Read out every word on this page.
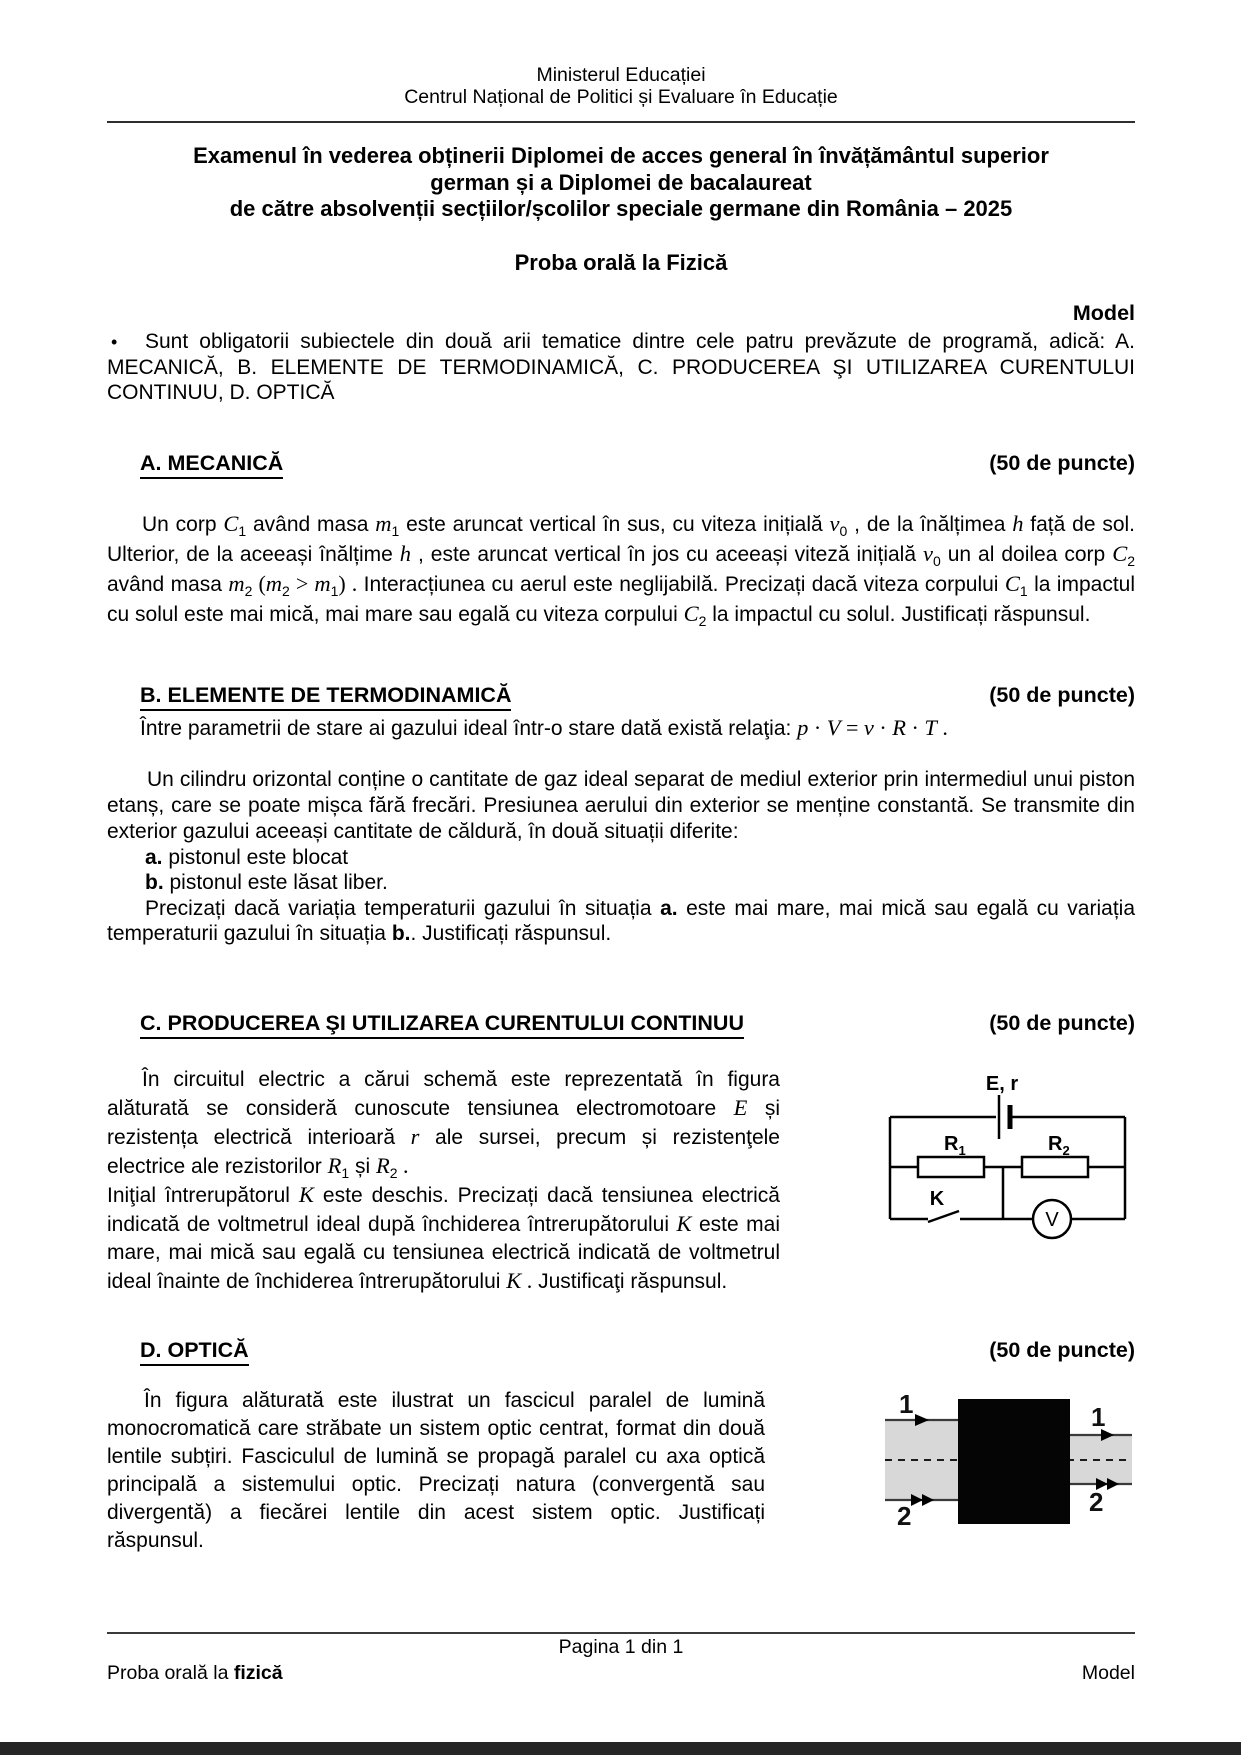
Ministerul Educației
Centrul Național de Politici și Evaluare în Educație
Examenul în vederea obținerii Diplomei de acces general în învățământul superior
german și a Diplomei de bacalaureat
de către absolvenții secțiilor/școlilor speciale germane din România – 2025
Proba orală la Fizică
Model

• Sunt obligatorii subiectele din două arii tematice dintre cele patru prevăzute de programă, adică: A. MECANICĂ, B. ELEMENTE DE TERMODINAMICĂ, C. PRODUCEREA ŞI UTILIZAREA CURENTULUI CONTINUU, D. OPTICĂ

A. MECANICĂ	(50 de puncte)

Un corp $C_1$ având masa $m_1$ este aruncat vertical în sus, cu viteza inițială $v_0$ , de la înălțimea h față de sol. Ulterior, de la aceeași înălțime h , este aruncat vertical în jos cu aceeași viteză inițială $v_0$ un al doilea corp $C_2$ având masa $m_2$ $(m_2 > m_1)$ . Interacțiunea cu aerul este neglijabilă. Precizați dacă viteza corpului $C_1$ la impactul cu solul este mai mică, mai mare sau egală cu viteza corpului $C_2$ la impactul cu solul. Justificați răspunsul.

B. ELEMENTE DE TERMODINAMICĂ	(50 de puncte)

Între parametrii de stare ai gazului ideal într-o stare dată există relaţia: p · V = ν · R · T .

Un cilindru orizontal conține o cantitate de gaz ideal separat de mediul exterior prin intermediul unui piston etanș, care se poate mișca fără frecări. Presiunea aerului din exterior se menține constantă. Se transmite din exterior gazului aceeași cantitate de căldură, în două situații diferite:

a. pistonul este blocat

b. pistonul este lăsat liber.

Precizați dacă variația temperaturii gazului în situația a. este mai mare, mai mică sau egală cu variația temperaturii gazului în situația b.. Justificați răspunsul.

C. PRODUCEREA ŞI UTILIZAREA CURENTULUI CONTINUU	(50 de puncte)
E, r
$R_1$	$R_2$
K
V

În circuitul electric a cărui schemă este reprezentată în figura alăturată se consideră cunoscute tensiunea electromotoare E și rezistența electrică interioară r ale sursei, precum și rezistenţele electrice ale rezistorilor $R_1$ și $R_2$ .

Iniţial întrerupătorul K este deschis. Precizați dacă tensiunea electrică indicată de voltmetrul ideal după închiderea întrerupătorului K este mai mare, mai mică sau egală cu tensiunea electrică indicată de voltmetrul ideal înainte de închiderea întrerupătorului K . Justificaţi răspunsul.

D. OPTICĂ	(50 de puncte)
1
2
1
2

În figura alăturată este ilustrat un fascicul paralel de lumină monocromatică care străbate un sistem optic centrat, format din două lentile subțiri. Fasciculul de lumină se propagă paralel cu axa optică principală a sistemului optic. Precizați natura (convergentă sau divergentă) a fiecărei lentile din acest sistem optic. Justificați răspunsul.

Pagina 1 din 1
Proba orală la fizică	Model
